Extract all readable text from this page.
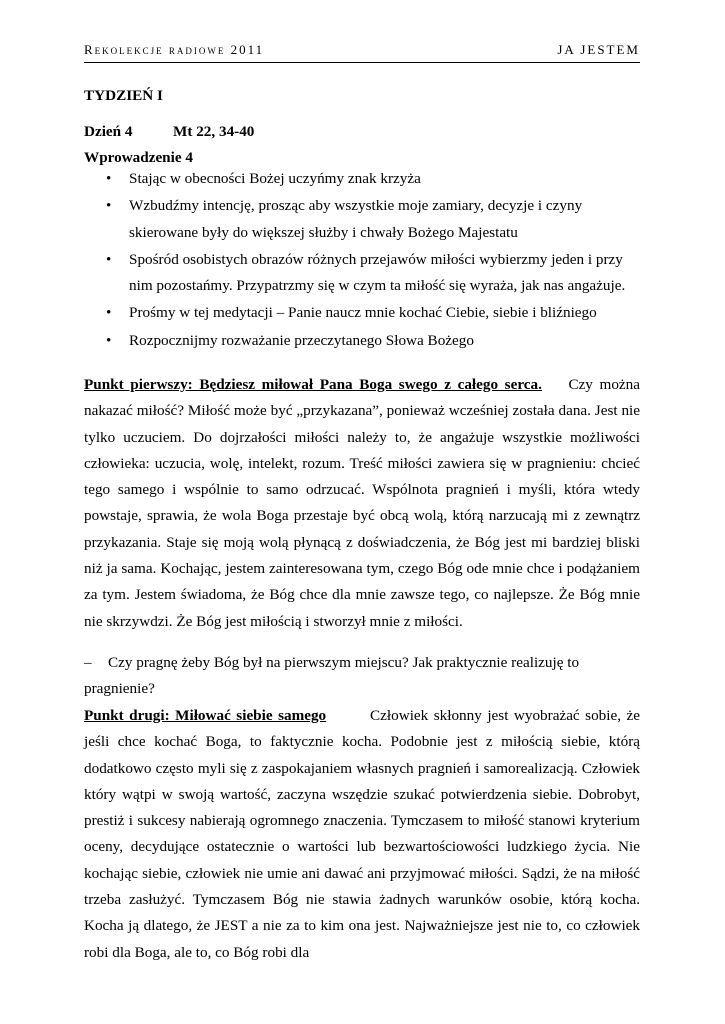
Rekolekcje radiowe 2011	JA JESTEM
TYDZIEŃ I
Dzień 4	Mt 22, 34-40
Wprowadzenie 4
• Stając w obecności Bożej uczyńmy znak krzyża
• Wzbudźmy intencję, prosząc aby wszystkie moje zamiary, decyzje i czyny skierowane były do większej służby i chwały Bożego Majestatu
• Spośród osobistych obrazów różnych przejawów miłości wybierzmy jeden i przy nim pozostańmy. Przypatrzmy się w czym ta miłość się wyraża, jak nas angażuje.
• Prośmy w tej medytacji – Panie naucz mnie kochać Ciebie, siebie i bliźniego
• Rozpocznijmy rozważanie przeczytanego Słowa Bożego
Punkt pierwszy: Będziesz miłował Pana Boga swego z całego serca. Czy można nakazać miłość? Miłość może być „przykazana”, ponieważ wcześniej została dana. Jest nie tylko uczuciem. Do dojrzałości miłości należy to, że angażuje wszystkie możliwości człowieka: uczucia, wolę, intelekt, rozum. Treść miłości zawiera się w pragnieniu: chcieć tego samego i wspólnie to samo odrzucać. Wspólnota pragnień i myśli, która wtedy powstaje, sprawia, że wola Boga przestaje być obcą wolą, którą narzucają mi z zewnątrz przykazania. Staje się moją wolą płynącą z doświadczenia, że Bóg jest mi bardziej bliski niż ja sama. Kochając, jestem zainteresowana tym, czego Bóg ode mnie chce i podążaniem za tym. Jestem świadoma, że Bóg chce dla mnie zawsze tego, co najlepsze. Że Bóg mnie nie skrzywdzi. Że Bóg jest miłością i stworzył mnie z miłości.
– Czy pragnę żeby Bóg był na pierwszym miejscu? Jak praktycznie realizuję to pragnienie?
Punkt drugi: Miłować siebie samego	Człowiek skłonny jest wyobrażać sobie, że jeśli chce kochać Boga, to faktycznie kocha. Podobnie jest z miłością siebie, którą dodatkowo często myli się z zaspokajaniem własnych pragnień i samorealizacją. Człowiek który wątpi w swoją wartość, zaczyna wszędzie szukać potwierdzenia siebie. Dobrobyt, prestiż i sukcesy nabierają ogromnego znaczenia. Tymczasem to miłość stanowi kryterium oceny, decydujące ostatecznie o wartości lub bezwartościowości ludzkiego życia. Nie kochając siebie, człowiek nie umie ani dawać ani przyjmować miłości. Sądzi, że na miłość trzeba zasłużyć. Tymczasem Bóg nie stawia żadnych warunków osobie, którą kocha. Kocha ją dlatego, że JEST a nie za to kim ona jest. Najważniejsze jest nie to, co człowiek robi dla Boga, ale to, co Bóg robi dla
